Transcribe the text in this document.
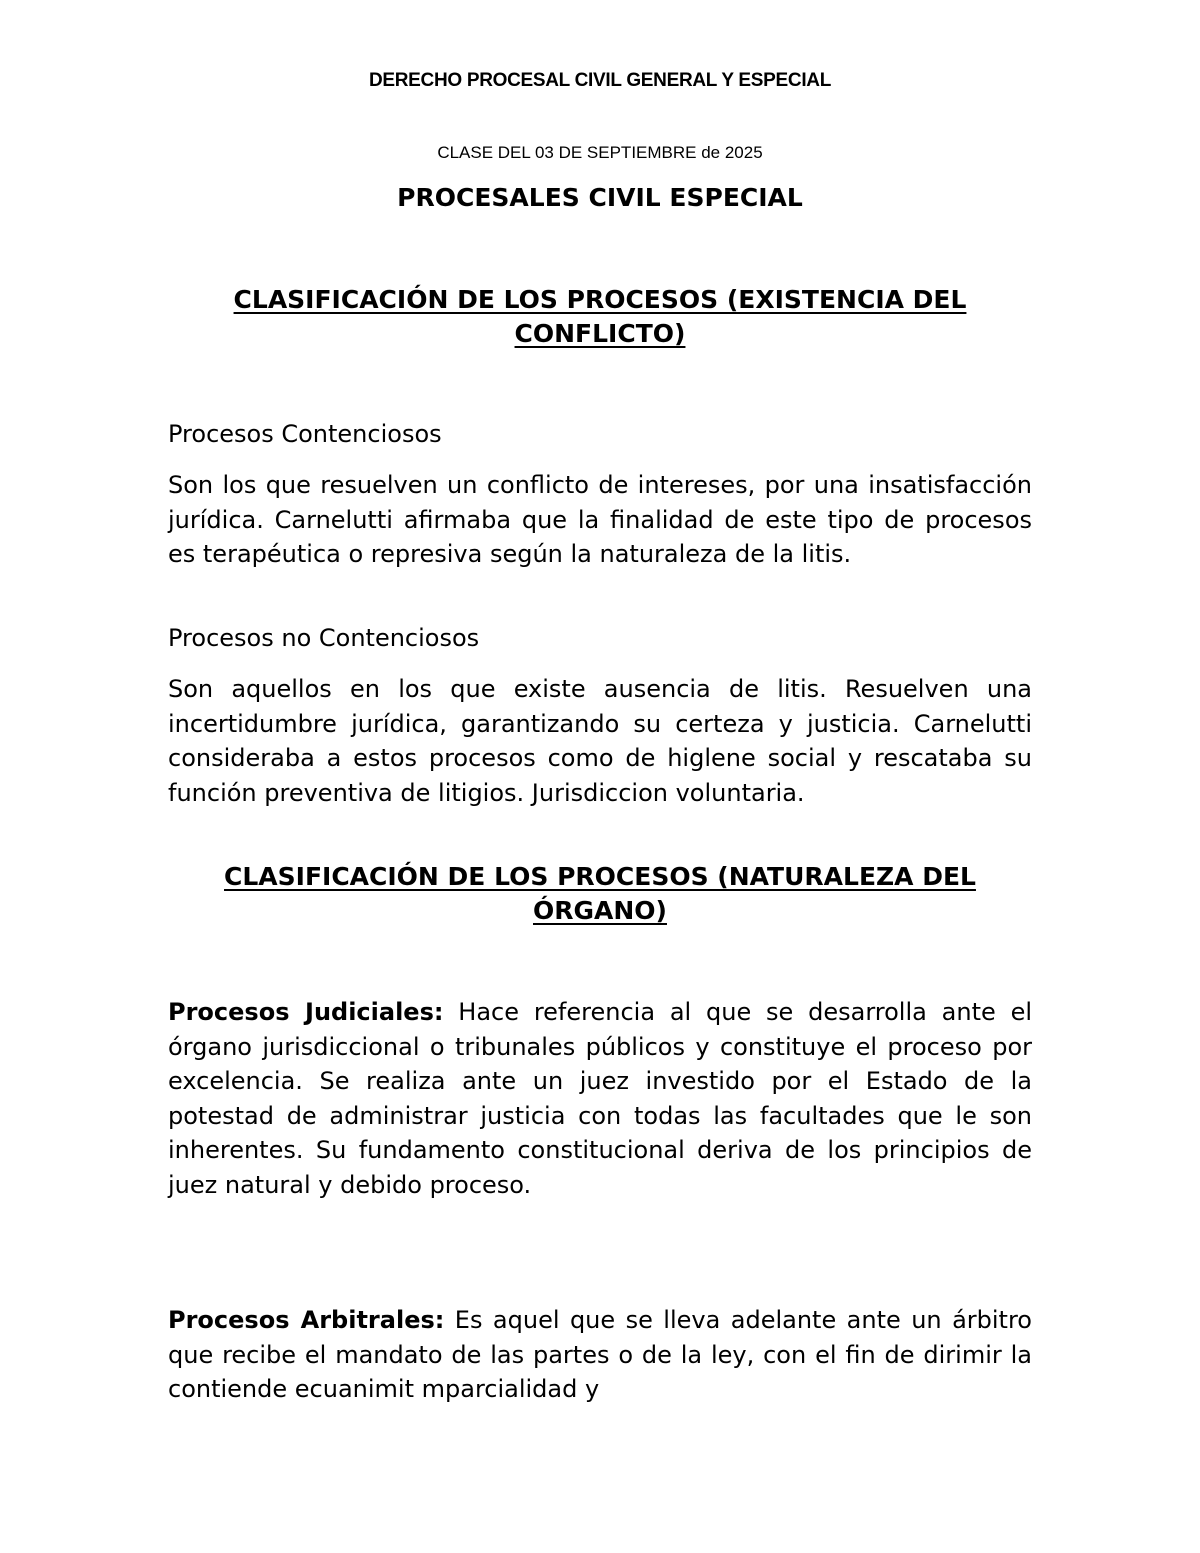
DERECHO PROCESAL CIVIL GENERAL Y ESPECIAL
CLASE DEL 03 DE SEPTIEMBRE de 2025
PROCESALES CIVIL ESPECIAL
CLASIFICACIÓN DE LOS PROCESOS (EXISTENCIA DEL CONFLICTO)
Procesos Contenciosos
Son los que resuelven un conflicto de intereses, por una insatisfacción jurídica. Carnelutti afirmaba que la finalidad de este tipo de procesos es terapéutica o represiva según la naturaleza de la litis.
Procesos no Contenciosos
Son aquellos en los que existe ausencia de litis. Resuelven una incertidumbre jurídica, garantizando su certeza y justicia. Carnelutti consideraba a estos procesos como de higlene social y rescataba su función preventiva de litigios. Jurisdiccion voluntaria.
CLASIFICACIÓN DE LOS PROCESOS (NATURALEZA DEL ÓRGANO)
Procesos Judiciales: Hace referencia al que se desarrolla ante el órgano jurisdiccional o tribunales públicos y constituye el proceso por excelencia. Se realiza ante un juez investido por el Estado de la potestad de administrar justicia con todas las facultades que le son inherentes. Su fundamento constitucional deriva de los principios de juez natural y debido proceso.
Procesos Arbitrales: Es aquel que se lleva adelante ante un árbitro que recibe el mandato de las partes o de la ley, con el fin de dirimir la contiende ecuanimit mparcialidad y
